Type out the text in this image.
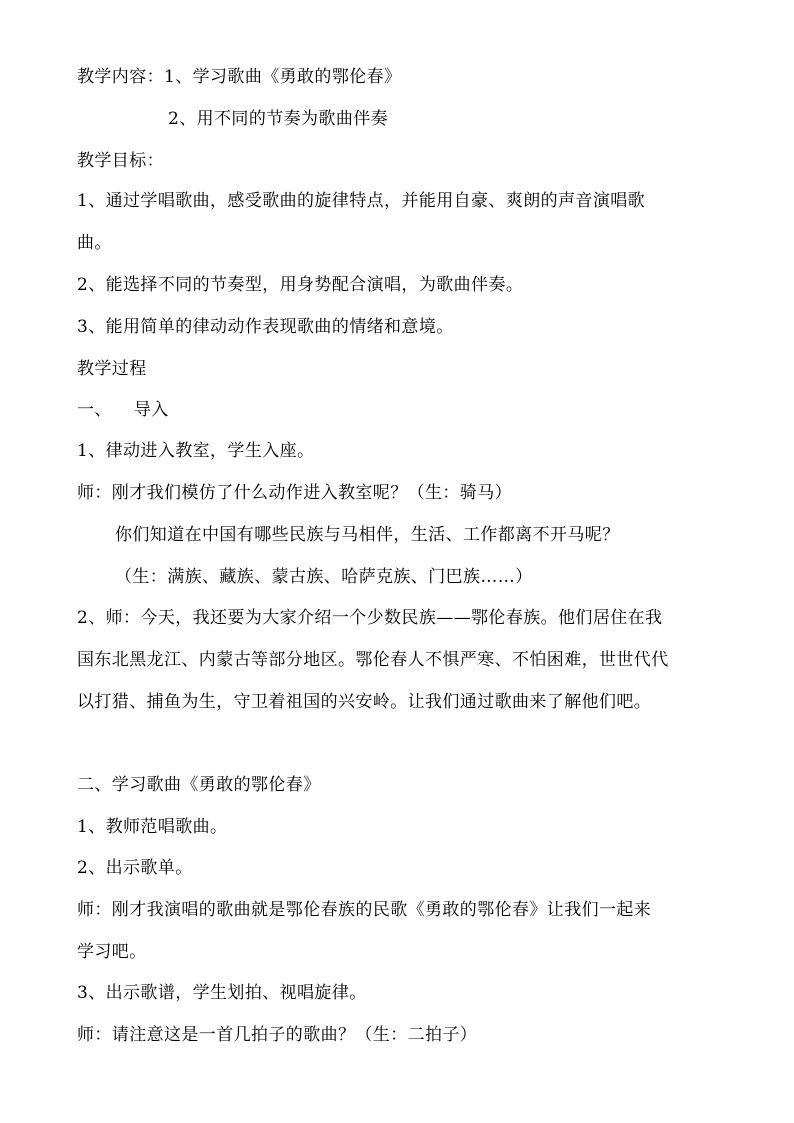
教学内容：1、学习歌曲《勇敢的鄂伦春》
2、用不同的节奏为歌曲伴奏
教学目标：
1、通过学唱歌曲，感受歌曲的旋律特点，并能用自豪、爽朗的声音演唱歌
曲。
2、能选择不同的节奏型，用身势配合演唱，为歌曲伴奏。
3、能用简单的律动动作表现歌曲的情绪和意境。
教学过程
一、 导入
1、律动进入教室，学生入座。
师：刚才我们模仿了什么动作进入教室呢？（生：骑马）
你们知道在中国有哪些民族与马相伴，生活、工作都离不开马呢？
（生：满族、藏族、蒙古族、哈萨克族、门巴族……）
2、师：今天，我还要为大家介绍一个少数民族——鄂伦春族。他们居住在我
国东北黑龙江、内蒙古等部分地区。鄂伦春人不惧严寒、不怕困难，世世代代
以打猎、捕鱼为生，守卫着祖国的兴安岭。让我们通过歌曲来了解他们吧。
二、学习歌曲《勇敢的鄂伦春》
1、教师范唱歌曲。
2、出示歌单。
师：刚才我演唱的歌曲就是鄂伦春族的民歌《勇敢的鄂伦春》让我们一起来
学习吧。
3、出示歌谱，学生划拍、视唱旋律。
师：请注意这是一首几拍子的歌曲？（生：二拍子）
